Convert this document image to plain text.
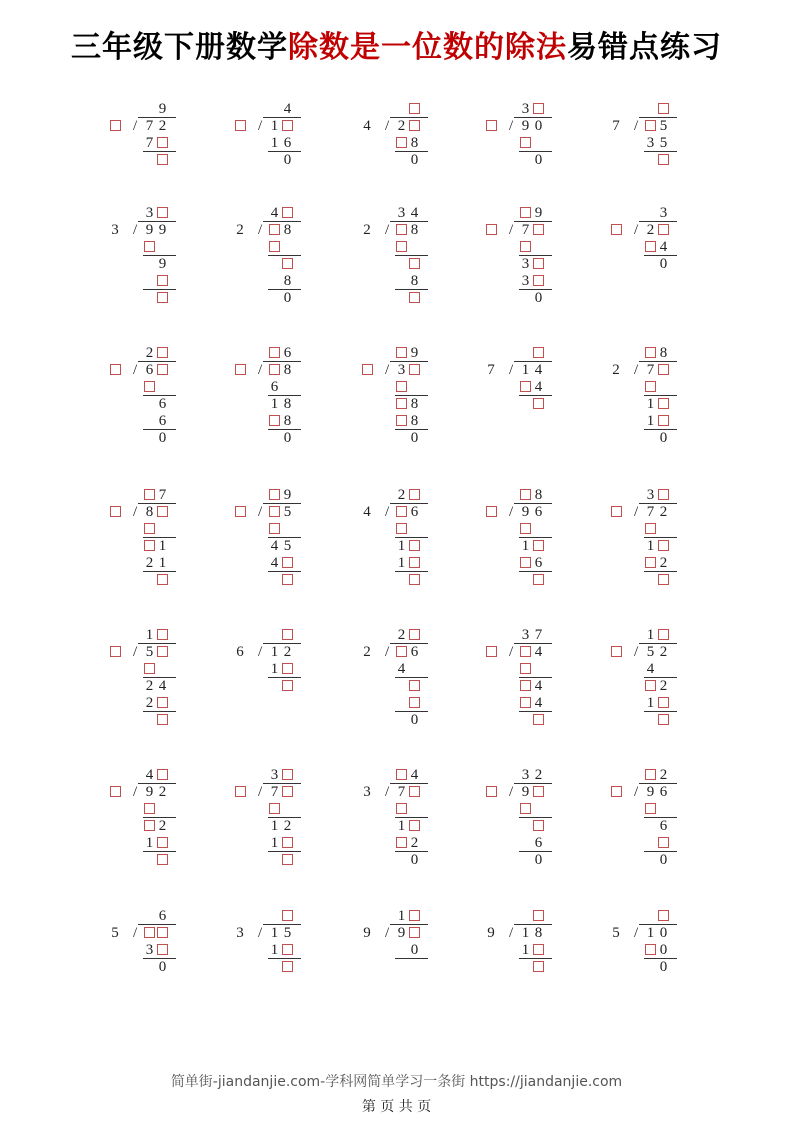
三年级下册数学除数是一位数的除法易错点练习
9
/ 7 2
7
4
/ 1
1 6
0
/
4 2
8
0
3
/ 9 0
0
/
7	5
3 5
3
/
3 9 9
9
4
/
2	8
8
0
3 4
/
2	8
8
9
/ 7
3
3
0
3
/ 2
4
0
2
/ 6
6
6
0
6
/ 8
6
1 8
8
0
9
/ 3
8
8
0
/
7 1 4
4
8
/
2 7
1
1
0
7
/ 8
1
2 1
9
/ 5
4 5
4
2
/
4	6
1
1
8
/ 9 6
1
6
3
/ 7 2
1
2
1
/ 5
2 4
2
/
6 1 2
1
2
/
2	6
4
0
3 7
/ 4
4
4
1
/ 5 2
4
2
1
4
/ 9 2
2
1
3
/ 7
1 2
1
4
/
3 7
1
2
0
3 2
/ 9
6
0
2
/ 9 6
6
0
6
/
5
3
0
/
3 1 5
1
1
/
9 9
0
/
9 1 8
1
/
5 1 0
0
0
简单街-jiandanjie.com-学科网简单学习一条街 https://jiandanjie.com
第 页 共 页
